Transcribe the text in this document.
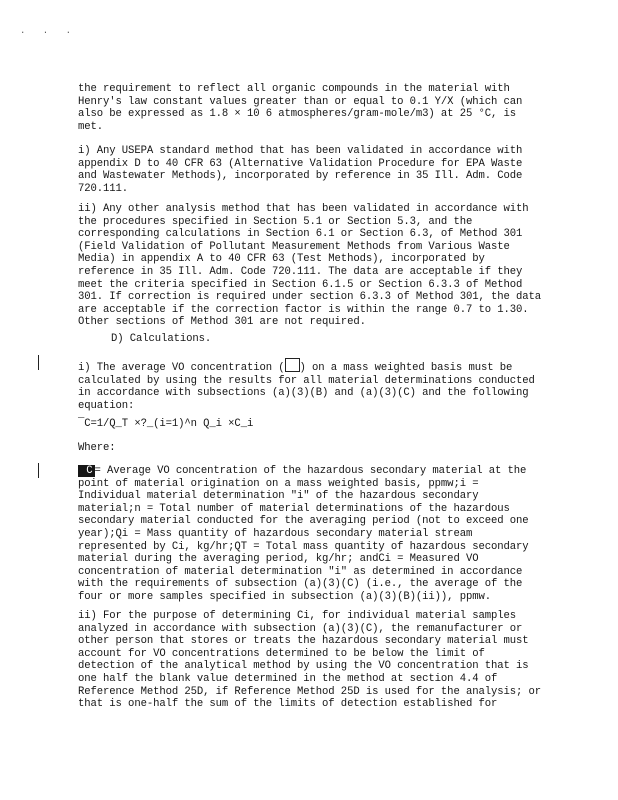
· · ·
the requirement to reflect all organic compounds in the material with Henry's law constant values greater than or equal to 0.1 Y/X (which can also be expressed as 1.8 × 10 6 atmospheres/gram-mole/m3) at 25 °C, is met.
i) Any USEPA standard method that has been validated in accordance with appendix D to 40 CFR 63 (Alternative Validation Procedure for EPA Waste and Wastewater Methods), incorporated by reference in 35 Ill. Adm. Code 720.111.
ii) Any other analysis method that has been validated in accordance with the procedures specified in Section 5.1 or Section 5.3, and the corresponding calculations in Section 6.1 or Section 6.3, of Method 301 (Field Validation of Pollutant Measurement Methods from Various Waste Media) in appendix A to 40 CFR 63 (Test Methods), incorporated by reference in 35 Ill. Adm. Code 720.111. The data are acceptable if they meet the criteria specified in Section 6.1.5 or Section 6.3.3 of Method 301. If correction is required under section 6.3.3 of Method 301, the data are acceptable if the correction factor is within the range 0.7 to 1.30. Other sections of Method 301 are not required.
D) Calculations.
i) The average VO concentration ( ) on a mass weighted basis must be calculated by using the results for all material determinations conducted in accordance with subsections (a)(3)(B) and (a)(3)(C) and the following equation:
¯C=1/Q_T ×?_(i=1)^n Q_i ×C_i
Where:
¯C = Average VO concentration of the hazardous secondary material at the point of material origination on a mass weighted basis, ppmw;i = Individual material determination "i" of the hazardous secondary material;n = Total number of material determinations of the hazardous secondary material conducted for the averaging period (not to exceed one year);Qi = Mass quantity of hazardous secondary material stream represented by Ci, kg/hr;QT = Total mass quantity of hazardous secondary material during the averaging period, kg/hr; andCi = Measured VO concentration of material determination "i" as determined in accordance with the requirements of subsection (a)(3)(C) (i.e., the average of the four or more samples specified in subsection (a)(3)(B)(ii)), ppmw.
ii) For the purpose of determining Ci, for individual material samples analyzed in accordance with subsection (a)(3)(C), the remanufacturer or other person that stores or treats the hazardous secondary material must account for VO concentrations determined to be below the limit of detection of the analytical method by using the VO concentration that is one half the blank value determined in the method at section 4.4 of Reference Method 25D, if Reference Method 25D is used for the analysis; or that is one-half the sum of the limits of detection established for
